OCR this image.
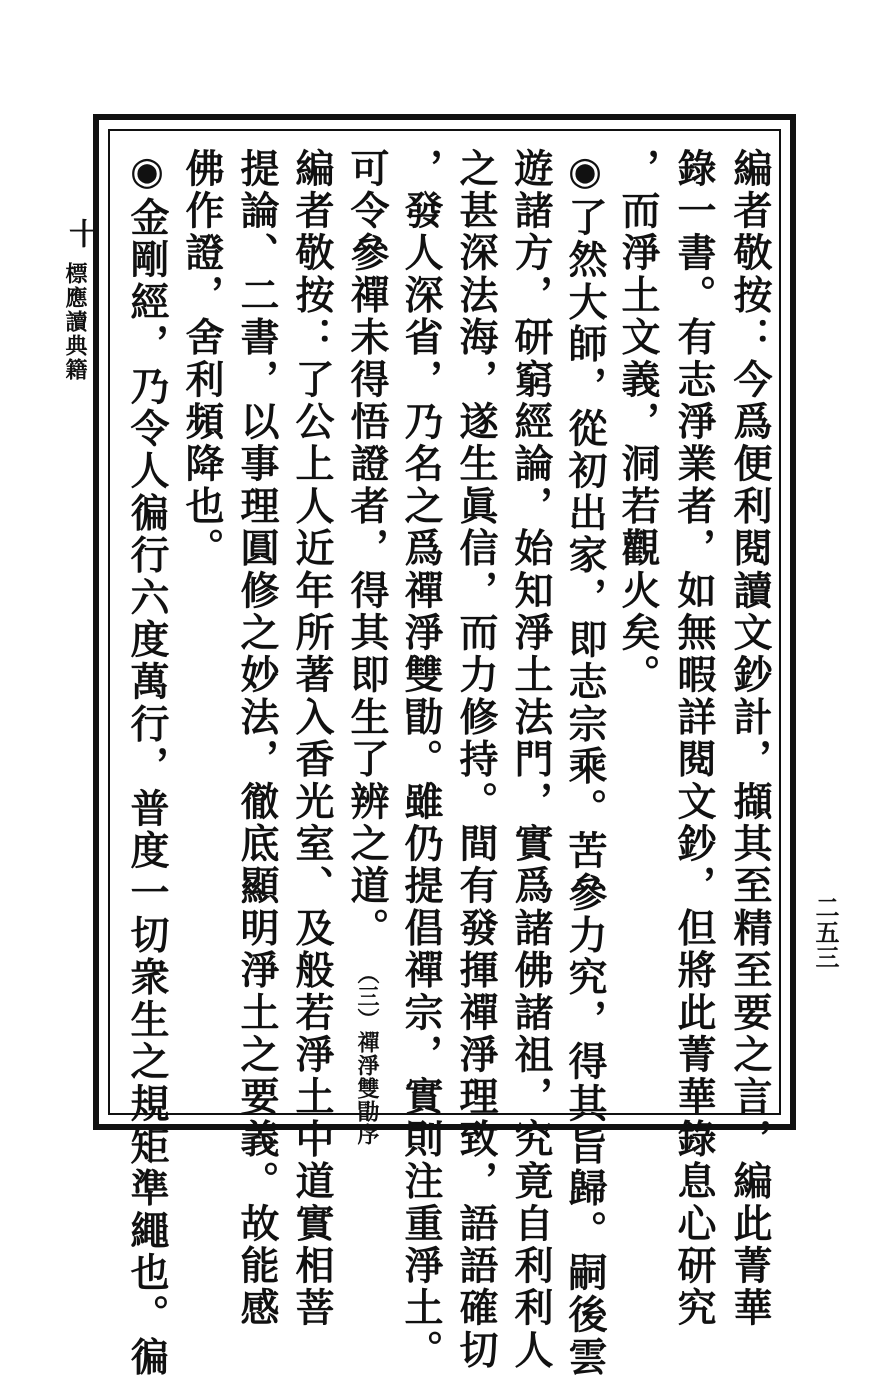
十
標應讀典籍
二五三
編者敬按：今爲便利閱讀文鈔計，擷其至精至要之言，編此菁華
錄一書。有志淨業者，如無暇詳閱文鈔，但將此菁華錄息心研究
，而淨土文義，洞若觀火矣。
◉了然大師，從初出家，即志宗乘。苦參力究，得其旨歸。嗣後雲
遊諸方，研窮經論，始知淨土法門，實爲諸佛諸祖，究竟自利利人
之甚深法海，遂生眞信，而力修持。間有發揮禪淨理致，語語確切
，發人深省，乃名之爲禪淨雙勖。雖仍提倡禪宗，實則注重淨土。
可令參禪未得悟證者，得其即生了辨之道。（三）禪淨雙勖序
編者敬按：了公上人近年所著入香光室、及般若淨土中道實相菩
提論、二書，以事理圓修之妙法，徹底顯明淨土之要義。故能感
佛作證，舍利頻降也。
◉金剛經，乃令人徧行六度萬行，普度一切衆生之規矩準繩也。徧
